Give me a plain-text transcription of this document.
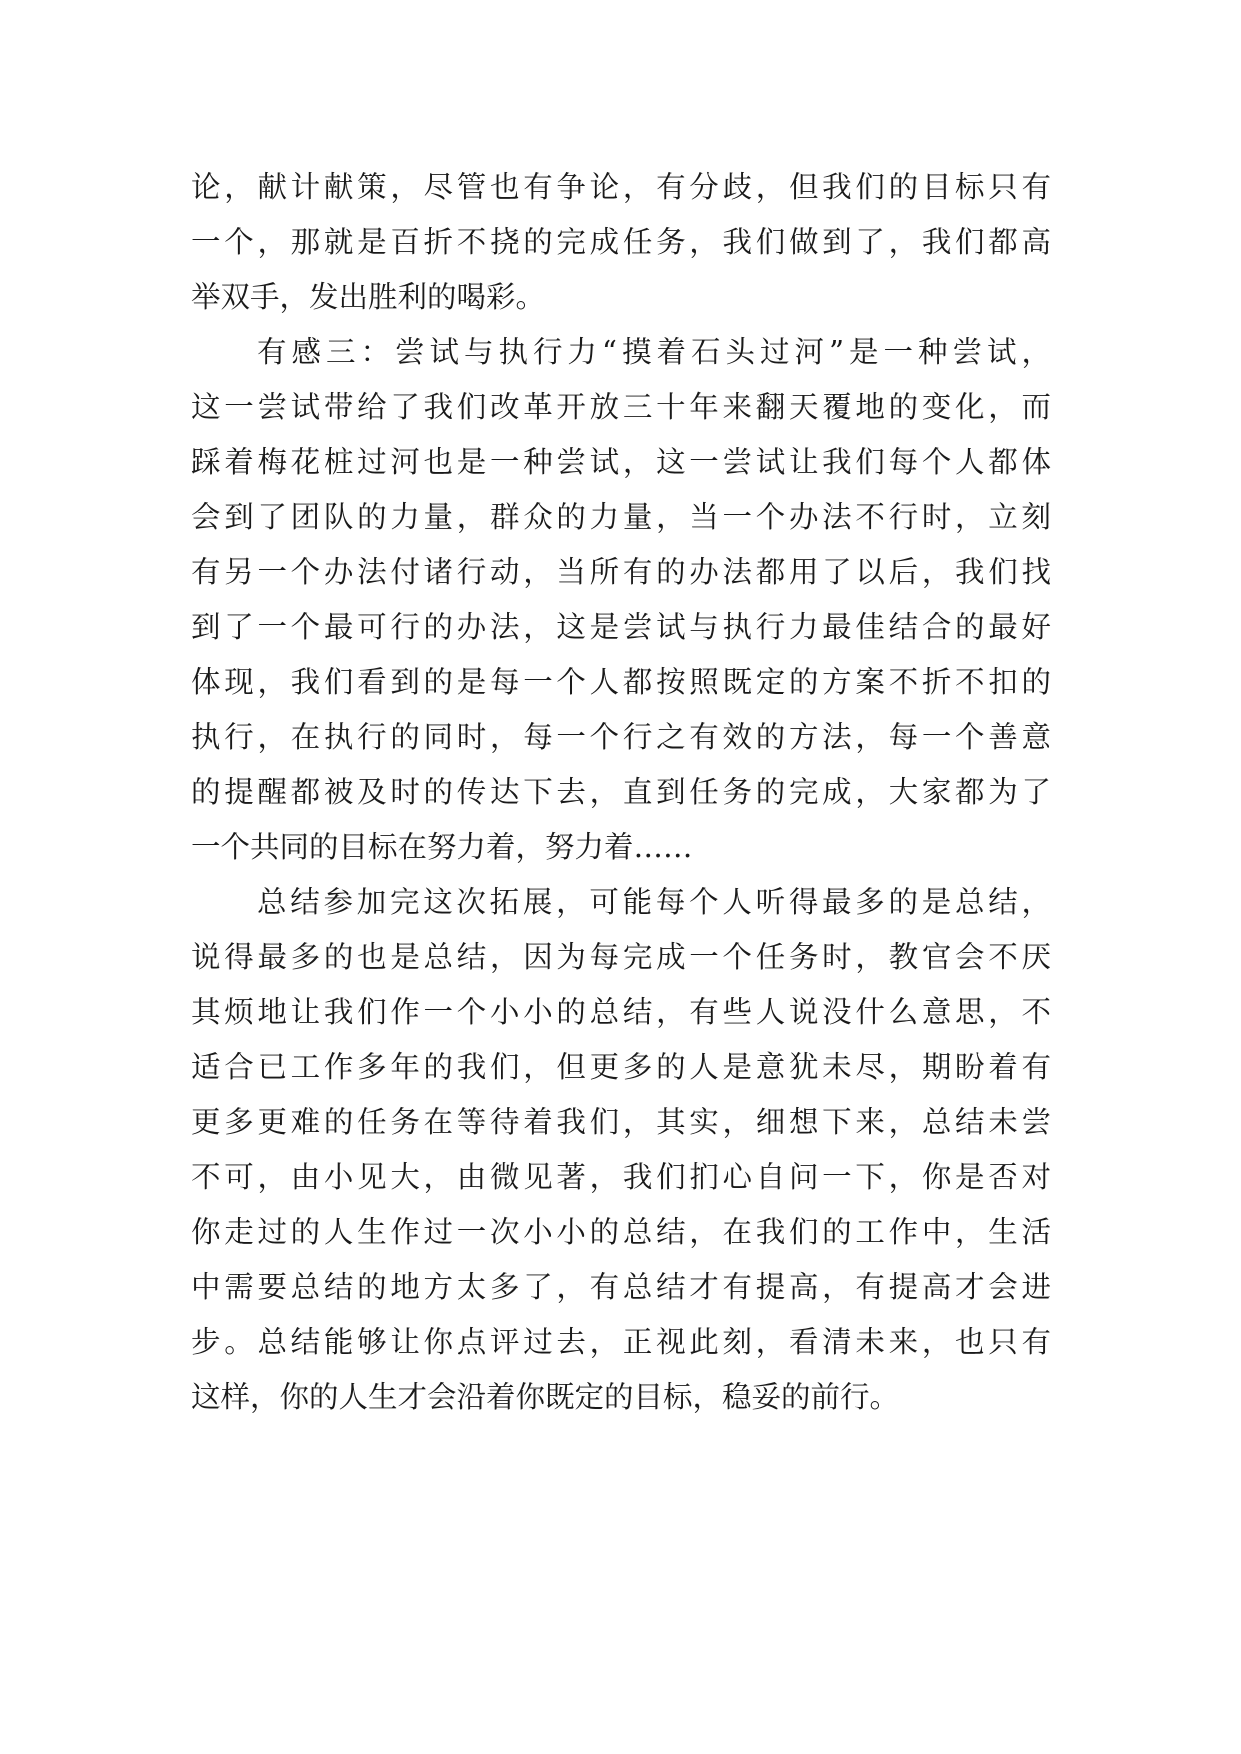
论，献计献策，尽管也有争论，有分歧，但我们的目标只有
一个，那就是百折不挠的完成任务，我们做到了，我们都高
举双手，发出胜利的喝彩。
有感三：尝试与执行力“摸着石头过河”是一种尝试，
这一尝试带给了我们改革开放三十年来翻天覆地的变化，而
踩着梅花桩过河也是一种尝试，这一尝试让我们每个人都体
会到了团队的力量，群众的力量，当一个办法不行时，立刻
有另一个办法付诸行动，当所有的办法都用了以后，我们找
到了一个最可行的办法，这是尝试与执行力最佳结合的最好
体现，我们看到的是每一个人都按照既定的方案不折不扣的
执行，在执行的同时，每一个行之有效的方法，每一个善意
的提醒都被及时的传达下去，直到任务的完成，大家都为了
一个共同的目标在努力着，努力着……
总结参加完这次拓展，可能每个人听得最多的是总结，
说得最多的也是总结，因为每完成一个任务时，教官会不厌
其烦地让我们作一个小小的总结，有些人说没什么意思，不
适合已工作多年的我们，但更多的人是意犹未尽，期盼着有
更多更难的任务在等待着我们，其实，细想下来，总结未尝
不可，由小见大，由微见著，我们扪心自问一下，你是否对
你走过的人生作过一次小小的总结，在我们的工作中，生活
中需要总结的地方太多了，有总结才有提高，有提高才会进
步。总结能够让你点评过去，正视此刻，看清未来，也只有
这样，你的人生才会沿着你既定的目标，稳妥的前行。
